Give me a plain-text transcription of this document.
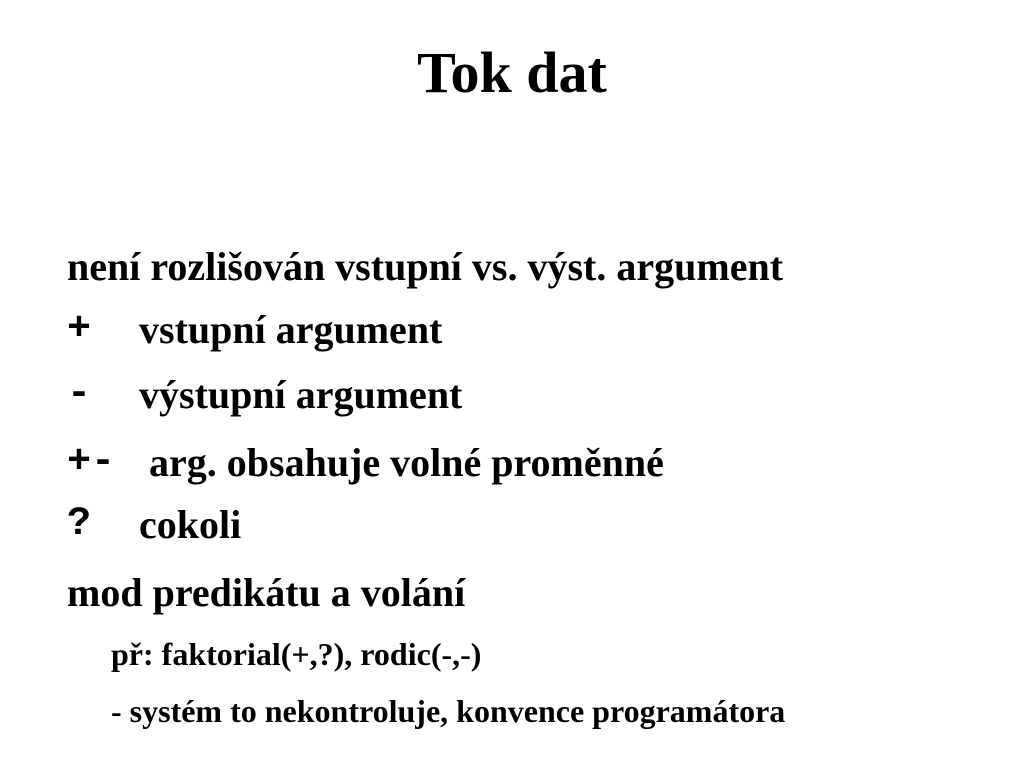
Tok dat
není rozlišován vstupní vs. výst. argument
+ vstupní argument
- výstupní argument
+- arg. obsahuje volné proměnné
? cokoli
mod predikátu a volání
př: faktorial(+,?), rodic(-,-)
- systém to nekontroluje, konvence programátora
